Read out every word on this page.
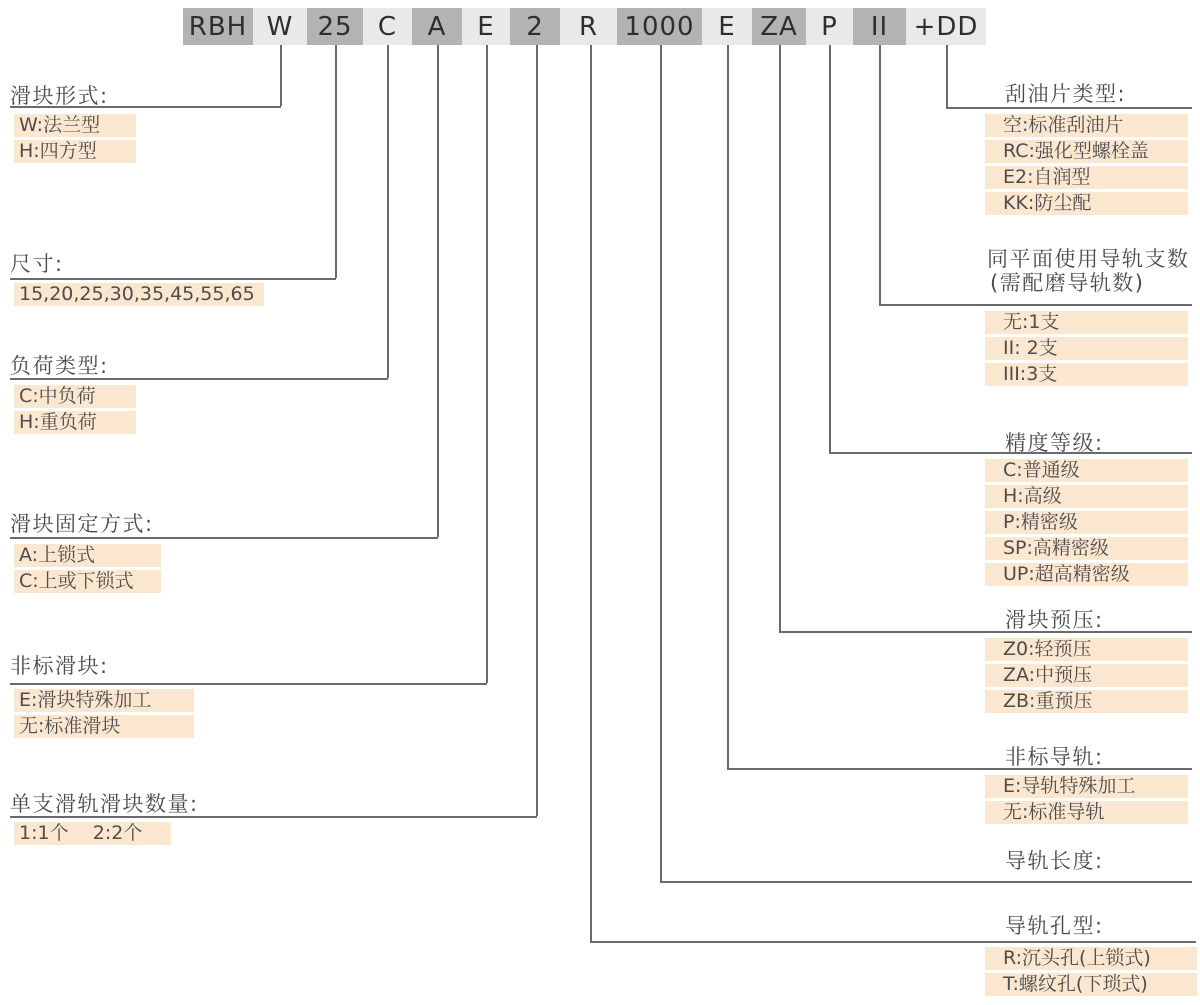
RBH W 25 C	A	E	2	R	1000 E ZA P	II +DD
滑块形式:
W:法兰型
H:四方型
尺寸:
15,20,25,30,35,45,55,65
负荷类型:
C:中负荷
H:重负荷
滑块固定方式:
A:上锁式
C:上或下锁式
非标滑块:
E:滑块特殊加工
无:标准滑块
单支滑轨滑块数量:
1:1个    2:2个
刮油片类型:
空:标准刮油片
RC:强化型螺栓盖
E2:自润型
KK:防尘配
同平面使用导轨支数
(需配磨导轨数)
无:1支
II: 2支
III:3支
精度等级:
C:普通级
H:高级
P:精密级
SP:高精密级
UP:超高精密级
滑块预压:
Z0:轻预压
ZA:中预压
ZB:重预压
非标导轨:
E:导轨特殊加工
无:标准导轨
导轨长度:
导轨孔型:
R:沉头孔(上锁式)
T:螺纹孔(下琐式)
